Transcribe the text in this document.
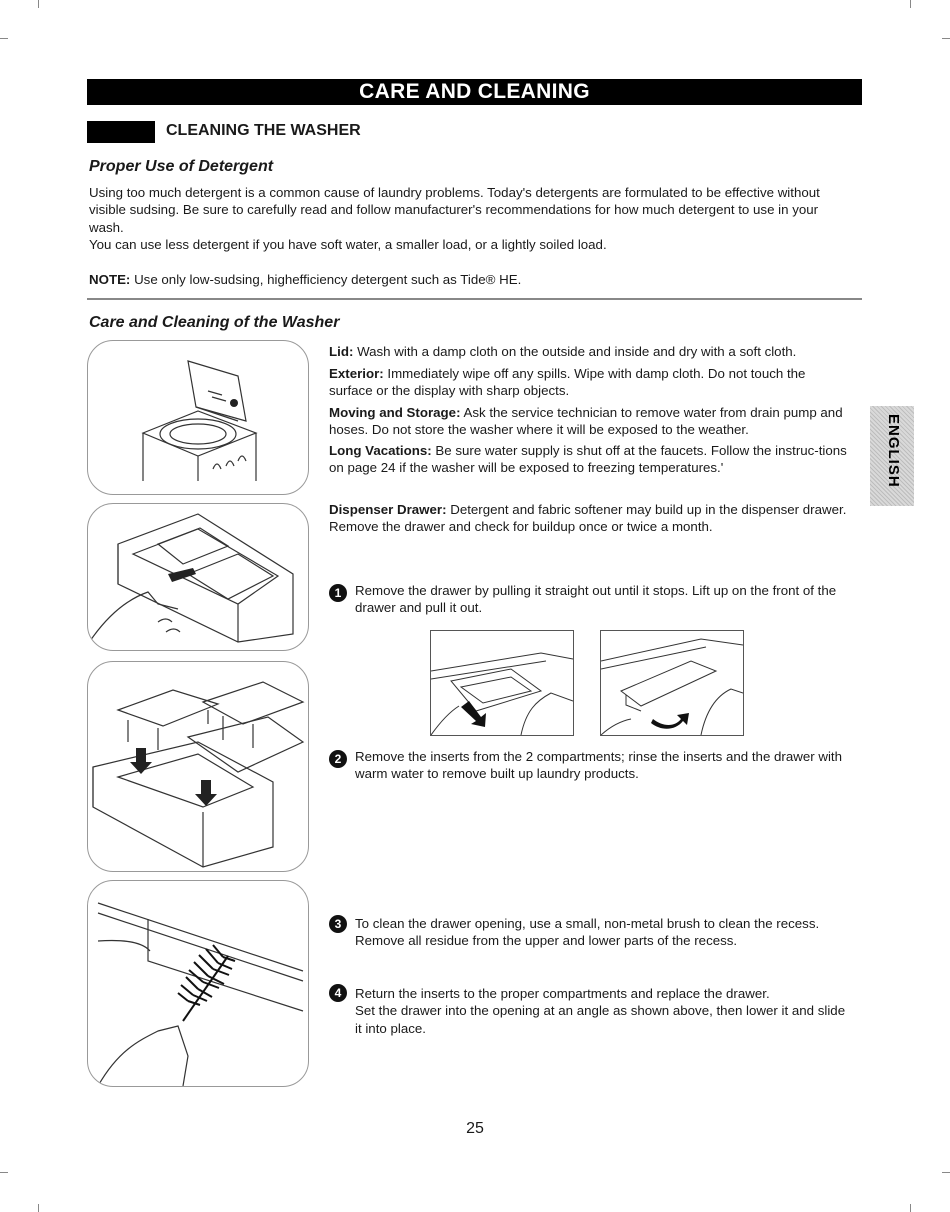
CARE AND CLEANING
CLEANING THE WASHER
Proper Use of Detergent
Using too much detergent is a common cause of laundry problems. Today's detergents are formulated to be effective without visible sudsing. Be sure to carefully read and follow manufacturer's recommendations for how much detergent to use in your wash.
You can use less detergent if you have soft water, a smaller load, or a lightly soiled load.
NOTE: Use only low-sudsing, highefficiency detergent such as Tide® HE.
Care and Cleaning of the Washer

Lid: Wash with a damp cloth on the outside and inside and dry with a soft cloth.

Exterior: Immediately wipe off any spills. Wipe with damp cloth. Do not touch the surface or the display with sharp objects.

Moving and Storage: Ask the service technician to remove water from drain pump and hoses. Do not store the washer where it will be exposed to the weather.

Long Vacations: Be sure water supply is shut off at the faucets. Follow the instruc-tions on page 24 if the washer will be exposed to freezing temperatures.'

Dispenser Drawer: Detergent and fabric softener may build up in the dispenser drawer. Remove the drawer and check for buildup once or twice a month.

1	Remove the drawer by pulling it straight out until it stops. Lift up on the front of the drawer and pull it out.
2	Remove the inserts from the 2 compartments; rinse the inserts and the drawer with warm water to remove built up laundry products.
3	To clean the drawer opening, use a small, non-metal brush to clean the recess. Remove all residue from the upper and lower parts of the recess.
4	Return the inserts to the proper compartments and replace the drawer.
Set the drawer into the opening at an angle as shown above, then lower it and slide it into place.
ENGLISH
25
